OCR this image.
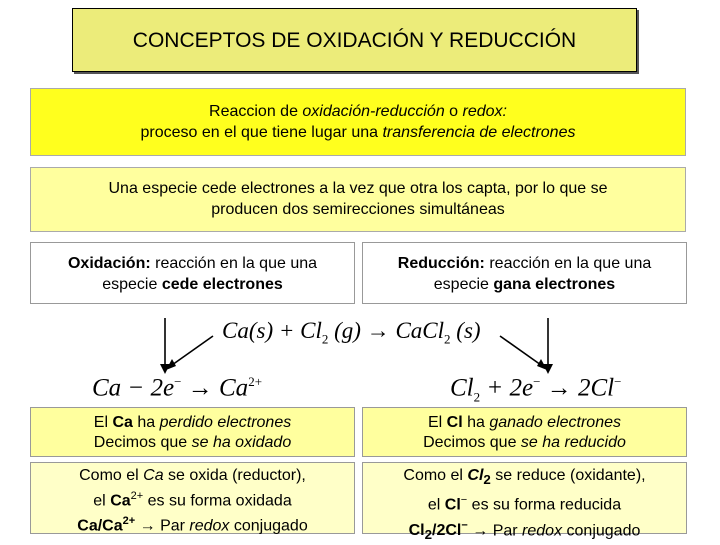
CONCEPTOS DE OXIDACIÓN Y REDUCCIÓN
Reaccion de oxidación-reducción o redox:
proceso en el que tiene lugar una transferencia de electrones
Una especie cede electrones a la vez que otra los capta, por lo que se
producen dos semirecciones simultáneas
Oxidación: reacción en la que una
especie cede electrones
Reducción: reacción en la que una
especie gana electrones
$Ca(s) + Cl_2$ (g) → CaCl$_2$ (s)
$Ca - 2e^- \to Ca^{2+}$	$Cl_2 + 2e^- \to 2Cl^-$
El Ca ha perdido electrones
Decimos que se ha oxidado
El Cl ha ganado electrones
Decimos que se ha reducido
Como el Ca se oxida (reductor),
el $Ca^{2+}$ es su forma oxidada
$Ca/Ca^{2+}$ → Par redox conjugado
Como el $Cl_2$ se reduce (oxidante),
el Cl− es su forma reducida
$Cl_2/2Cl^-$ → Par redox conjugado
